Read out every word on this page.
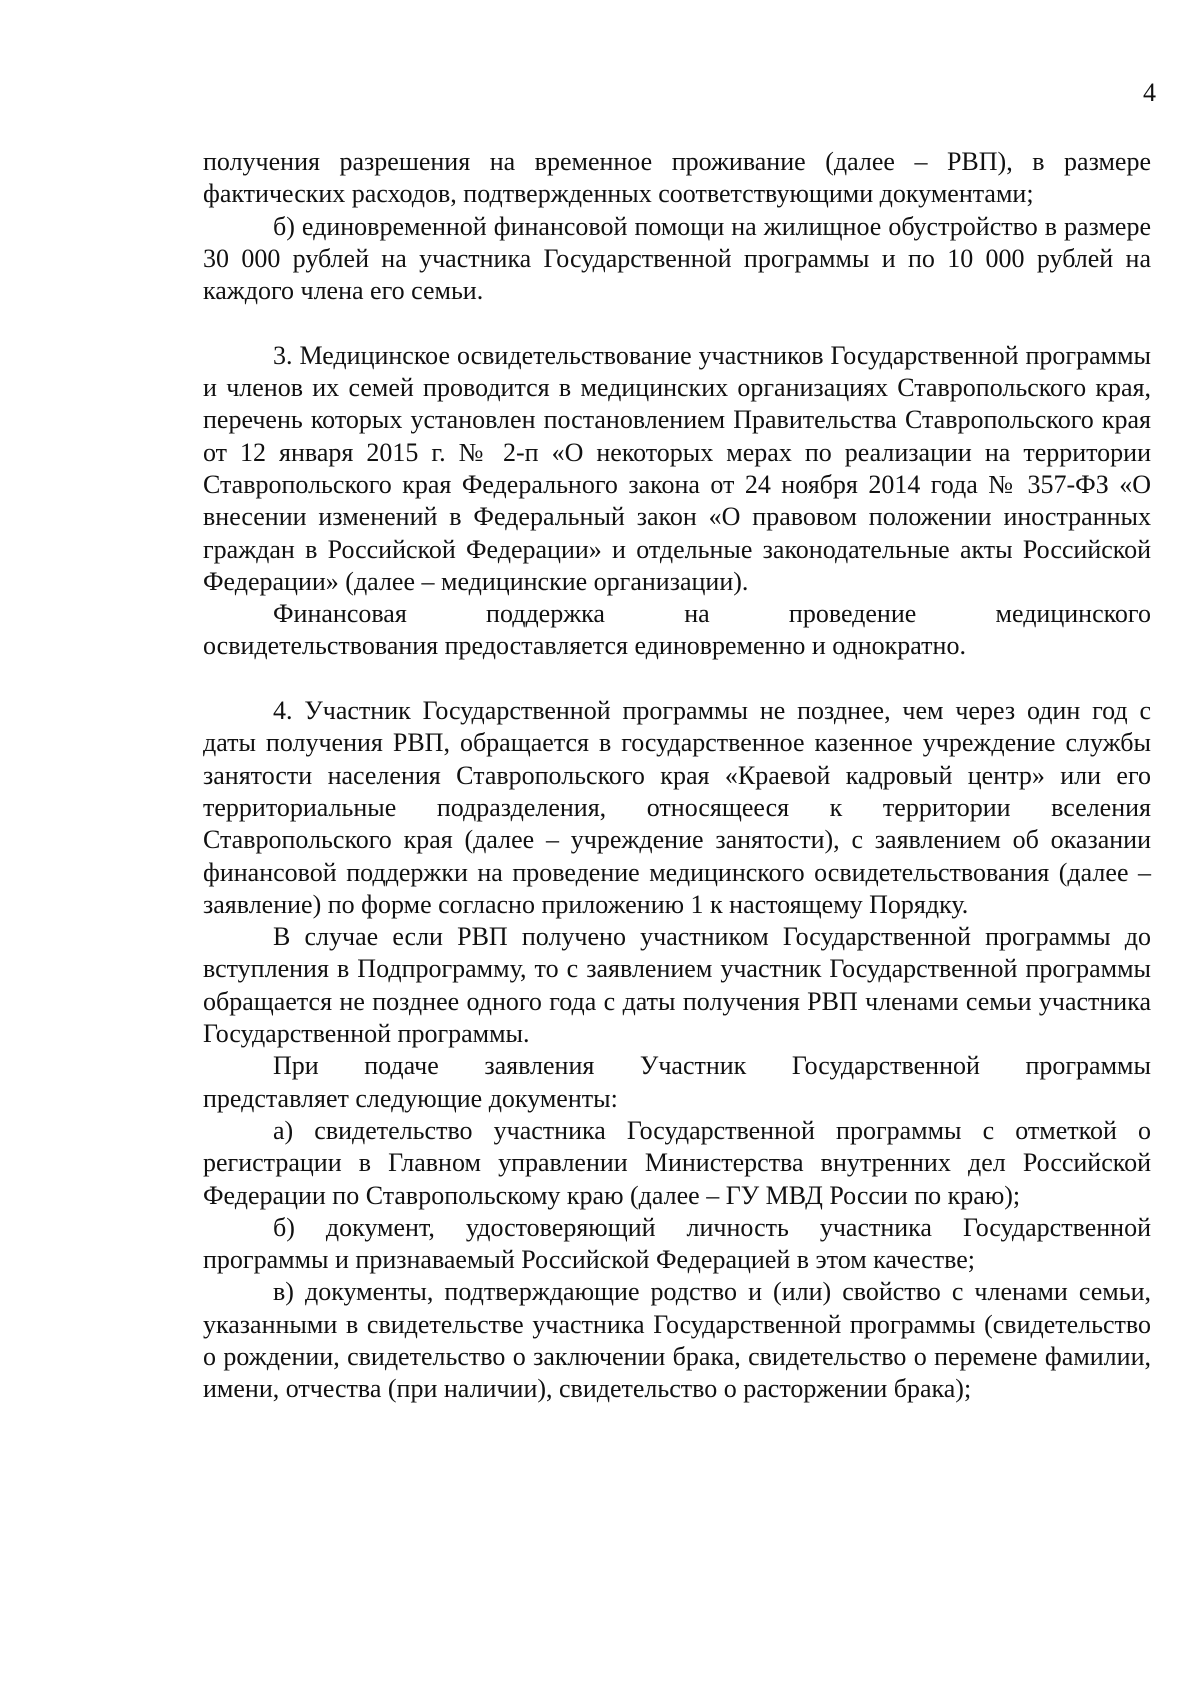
4

получения разрешения на временное проживание (далее – РВП), в размере фактических расходов, подтвержденных соответствующими документами;

б) единовременной финансовой помощи на жилищное обустройство в размере 30 000 рублей на участника Государственной программы и по 10 000 рублей на каждого члена его семьи.

3. Медицинское освидетельствование участников Государственной программы и членов их семей проводится в медицинских организациях Ставропольского края, перечень которых установлен постановлением Правительства Ставропольского края от 12 января 2015 г. № 2-п «О некоторых мерах по реализации на территории Ставропольского края Федерального закона от 24 ноября 2014 года № 357-ФЗ «О внесении изменений в Федеральный закон «О правовом положении иностранных граждан в Российской Федерации» и отдельные законодательные акты Российской Федерации» (далее – медицинские организации).

Финансовая	поддержка	на	проведение	медицинского

освидетельствования предоставляется единовременно и однократно.

4. Участник Государственной программы не позднее, чем через один год с даты получения РВП, обращается в государственное казенное учреждение службы занятости населения Ставропольского края «Краевой кадровый центр» или его территориальные подразделения, относящееся к территории вселения Ставропольского края (далее – учреждение занятости), с заявлением об оказании финансовой поддержки на проведение медицинского освидетельствования (далее – заявление) по форме согласно приложению 1 к настоящему Порядку.

В случае если РВП получено участником Государственной программы до вступления в Подпрограмму, то с заявлением участник Государственной программы обращается не позднее одного года с даты получения РВП членами семьи участника Государственной программы.

При подаче заявления Участник Государственной программы

представляет следующие документы:

а) свидетельство участника Государственной программы с отметкой о регистрации в Главном управлении Министерства внутренних дел Российской Федерации по Ставропольскому краю (далее – ГУ МВД России по краю);

б) документ, удостоверяющий личность участника Государственной программы и признаваемый Российской Федерацией в этом качестве;

в) документы, подтверждающие родство и (или) свойство с членами семьи, указанными в свидетельстве участника Государственной программы (свидетельство о рождении, свидетельство о заключении брака, свидетельство о перемене фамилии, имени, отчества (при наличии), свидетельство о расторжении брака);
